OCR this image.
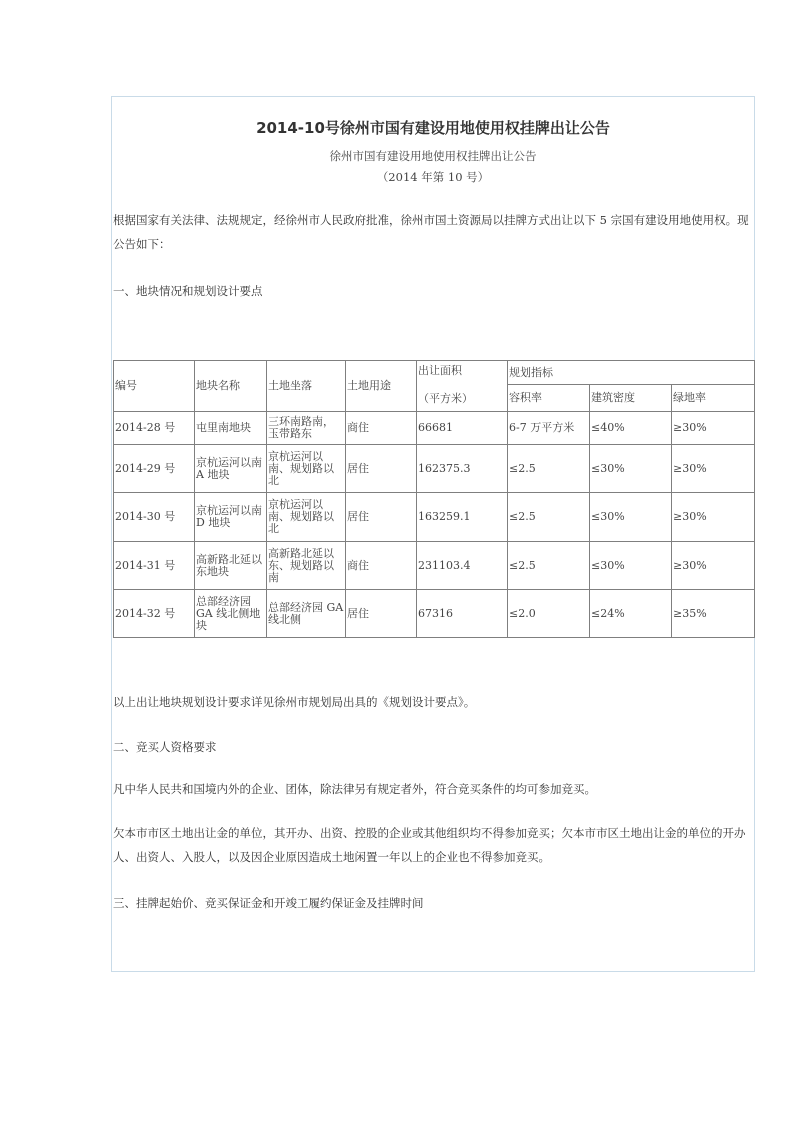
2014-10号徐州市国有建设用地使用权挂牌出让公告
徐州市国有建设用地使用权挂牌出让公告
（2014 年第 10 号）
根据国家有关法律、法规规定，经徐州市人民政府批准，徐州市国土资源局以挂牌方式出让以下 5 宗国有建设用地使用权。现公告如下：
一、地块情况和规划设计要点
编号	地块名称	土地坐落	土地用途	出让面积
（平方米）	规划指标		
					容积率	建筑密度	绿地率
2014-28 号	屯里南地块	三环南路南，玉带路东	商住	66681	6-7 万平方米	≤40%	≥30%
2014-29 号	京杭运河以南 A 地块	京杭运河以南、规划路以北	居住	162375.3	≤2.5	≤30%	≥30%
2014-30 号	京杭运河以南 D 地块	京杭运河以南、规划路以北	居住	163259.1	≤2.5	≤30%	≥30%
2014-31 号	高新路北延以东地块	高新路北延以东、规划路以南	商住	231103.4	≤2.5	≤30%	≥30%
2014-32 号	总部经济园 GA 线北侧地块	总部经济园 GA 线北侧	居住	67316	≤2.0	≤24%	≥35%
以上出让地块规划设计要求详见徐州市规划局出具的《规划设计要点》。
二、竞买人资格要求
凡中华人民共和国境内外的企业、团体，除法律另有规定者外，符合竞买条件的均可参加竞买。
欠本市市区土地出让金的单位，其开办、出资、控股的企业或其他组织均不得参加竞买；欠本市市区土地出让金的单位的开办人、出资人、入股人，以及因企业原因造成土地闲置一年以上的企业也不得参加竞买。
三、挂牌起始价、竞买保证金和开竣工履约保证金及挂牌时间
